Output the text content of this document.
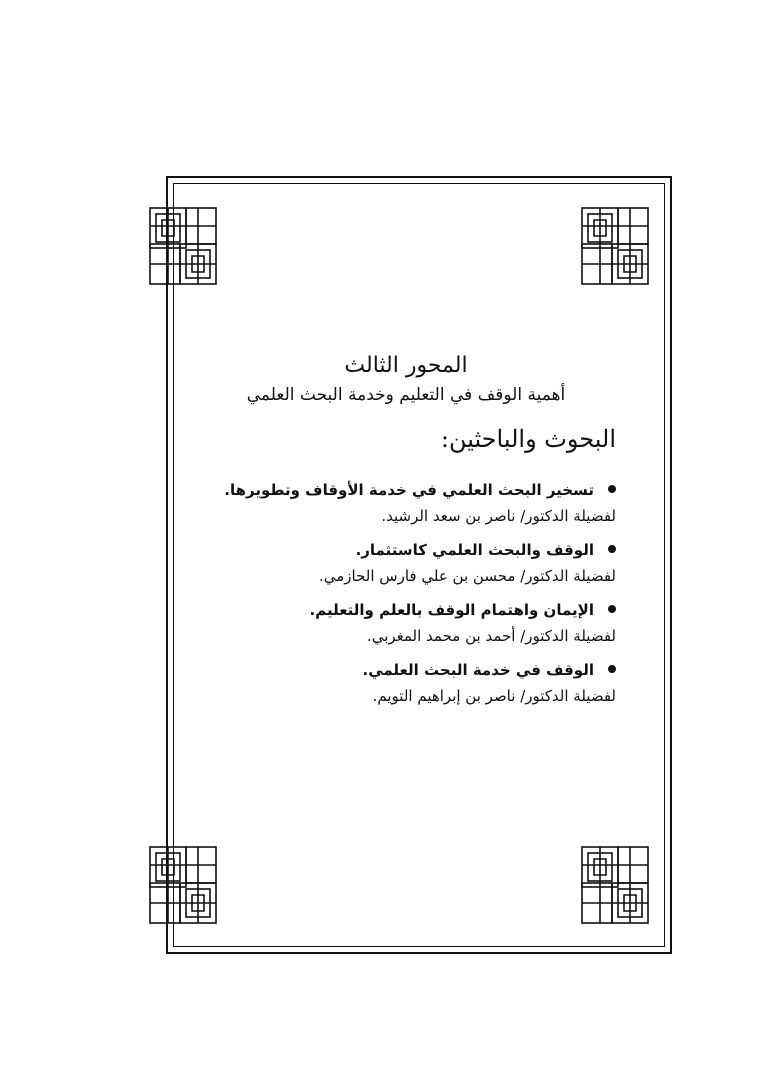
المحور الثالث

أهمية الوقف في التعليم وخدمة البحث العلمي

البحوث والباحثين:

تسخير البحث العلمي في خدمة الأوقاف وتطويرها.
لفضيلة الدكتور/ ناصر بن سعد الرشيد.
الوقف والبحث العلمي كاستثمار.
لفضيلة الدكتور/ محسن بن علي فارس الحازمي.
الإيمان واهتمام الوقف بالعلم والتعليم.
لفضيلة الدكتور/ أحمد بن محمد المغربي.
الوقف في خدمة البحث العلمي.
لفضيلة الدكتور/ ناصر بن إبراهيم التويم.
